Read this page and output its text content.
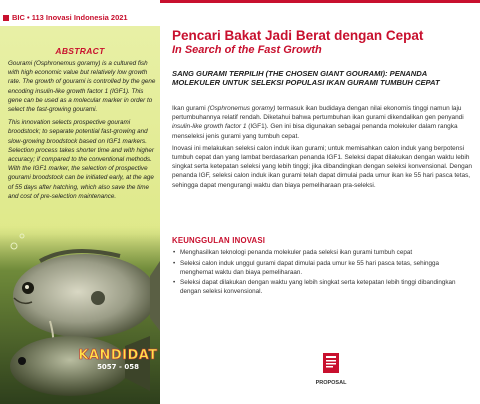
BIC • 113 Inovasi Indonesia 2021
ABSTRACT

Gourami (Osphronemus goramy) is a cultured fish with high economic value but relatively low growth rate. The growth of gourami is controlled by the gene encoding insulin-like growth factor 1 (IGF1). This gene can be used as a molecular marker in order to select the fast-growing gourami.

This innovation selects prospective gourami broodstock; to separate potential fast-growing and slow-growing broodstock based on IGF1 markers. Selection process takes shorter time and with higher accuracy; if compared to the conventional methods. With the IGF1 marker, the selection of prospective gourami broodstock can be initiated early, at the age of 55 days after hatching, which also save the time and cost of pre-selection maintenance.

KANDIDAT
5057 - 058
Pencari Bakat Jadi Berat dengan Cepat
In Search of the Fast Growth
SANG GURAMI TERPILIH (THE CHOSEN GIANT GOURAMI): PENANDA MOLEKULER UNTUK SELEKSI POPULASI IKAN GURAMI TUMBUH CEPAT

Ikan gurami (Osphronemus goramy) termasuk ikan budidaya dengan nilai ekonomis tinggi namun laju pertumbuhannya relatif rendah. Diketahui bahwa pertumbuhan ikan gurami dikendalikan gen penyandi insulin-like growth factor 1 (IGF1). Gen ini bisa digunakan sebagai penanda molekuler dalam rangka menseleksi jenis gurami yang tumbuh cepat.

Inovasi ini melakukan seleksi calon induk ikan gurami; untuk memisahkan calon induk yang berpotensi tumbuh cepat dan yang lambat berdasarkan penanda IGF1. Seleksi dapat dilakukan dengan waktu lebih singkat serta ketepatan seleksi yang lebih tinggi; jika dibandingkan dengan seleksi konvensional. Dengan penanda IGF, seleksi calon induk ikan gurami telah dapat dimulai pada umur ikan ke 55 hari pasca tetas, sehingga dapat mengurangi waktu dan biaya pemeliharaan pra-seleksi.

KEUNGGULAN INOVASI
• Menghasilkan teknologi penanda molekuler pada seleksi ikan gurami tumbuh cepat
• Seleksi calon induk unggul gurami dapat dimulai pada umur ke 55 hari pasca tetas, sehingga menghemat waktu dan biaya pemeliharaan.
• Seleksi dapat dilakukan dengan waktu yang lebih singkat serta ketepatan lebih tinggi dibandingkan dengan seleksi konvensional.
PROPOSAL
